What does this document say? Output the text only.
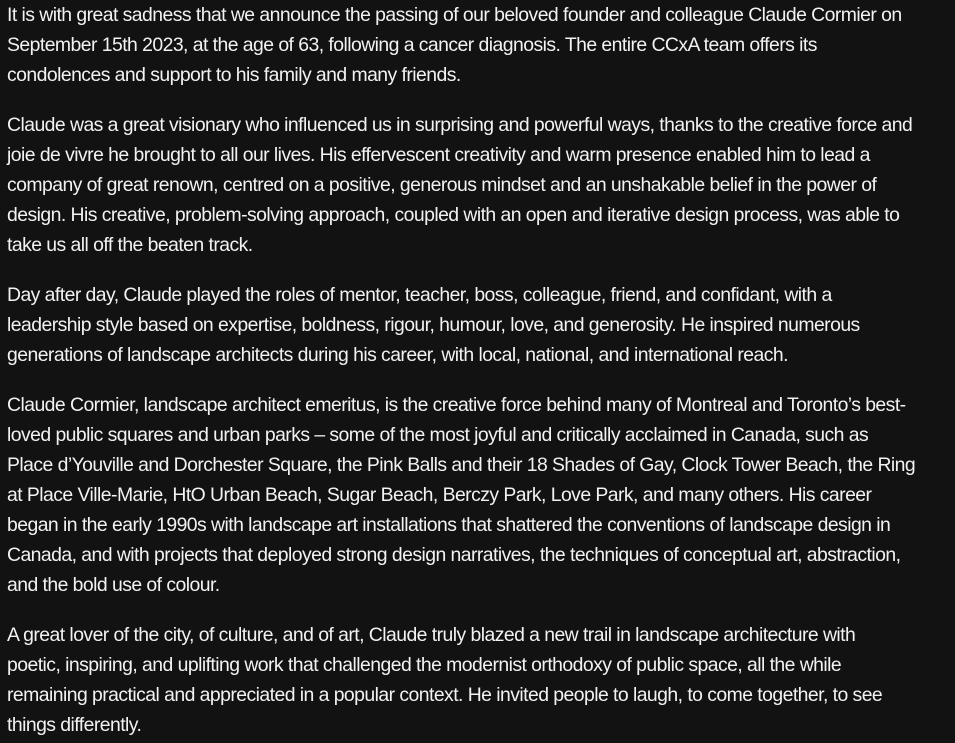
It is with great sadness that we announce the passing of our beloved founder and colleague Claude Cormier on
September 15th 2023, at the age of 63, following a cancer diagnosis. The entire CCxA team offers its
condolences and support to his family and many friends.

Claude was a great visionary who influenced us in surprising and powerful ways, thanks to the creative force and
joie de vivre he brought to all our lives. His effervescent creativity and warm presence enabled him to lead a
company of great renown, centred on a positive, generous mindset and an unshakable belief in the power of
design. His creative, problem-solving approach, coupled with an open and iterative design process, was able to
take us all off the beaten track.

Day after day, Claude played the roles of mentor, teacher, boss, colleague, friend, and confidant, with a
leadership style based on expertise, boldness, rigour, humour, love, and generosity. He inspired numerous
generations of landscape architects during his career, with local, national, and international reach.

Claude Cormier, landscape architect emeritus, is the creative force behind many of Montreal and Toronto’s best-
loved public squares and urban parks – some of the most joyful and critically acclaimed in Canada, such as
Place d’Youville and Dorchester Square, the Pink Balls and their 18 Shades of Gay, Clock Tower Beach, the Ring
at Place Ville-Marie, HtO Urban Beach, Sugar Beach, Berczy Park, Love Park, and many others. His career
began in the early 1990s with landscape art installations that shattered the conventions of landscape design in
Canada, and with projects that deployed strong design narratives, the techniques of conceptual art, abstraction,
and the bold use of colour.

A great lover of the city, of culture, and of art, Claude truly blazed a new trail in landscape architecture with
poetic, inspiring, and uplifting work that challenged the modernist orthodoxy of public space, all the while
remaining practical and appreciated in a popular context. He invited people to laugh, to come together, to see
things differently.
